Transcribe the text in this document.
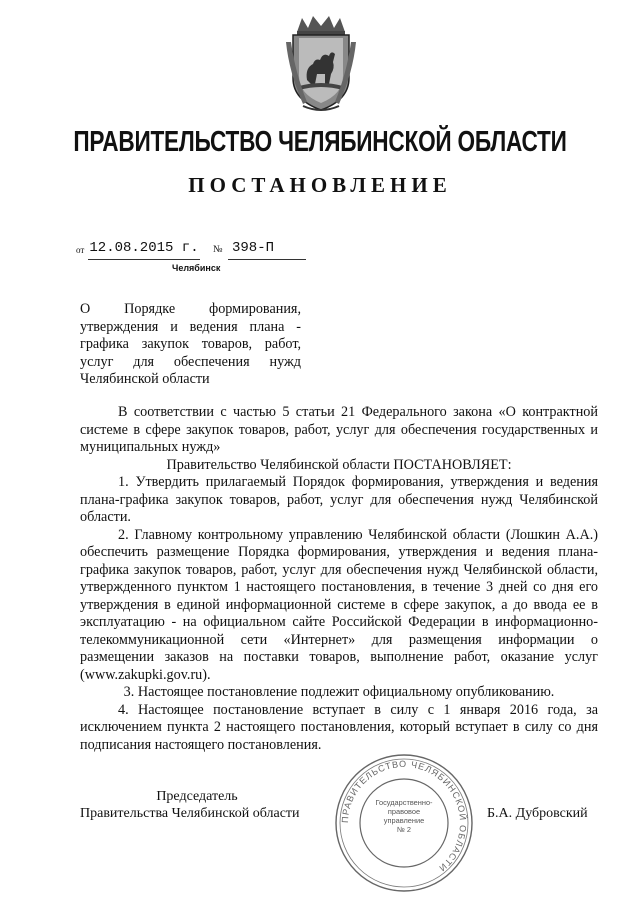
ПРАВИТЕЛЬСТВО ЧЕЛЯБИНСКОЙ ОБЛАСТИ
ПОСТАНОВЛЕНИЕ
от 12.08.2015 г. № 398-П
Челябинск
О Порядке формирования,
утверждения и ведения плана -
графика закупок товаров, работ,
услуг для обеспечения нужд
Челябинской области

В соответствии с частью 5 статьи 21 Федерального закона «О контрактной системе в сфере закупок товаров, работ, услуг для обеспечения государственных и муниципальных нужд»

Правительство Челябинской области ПОСТАНОВЛЯЕТ:

1. Утвердить прилагаемый Порядок формирования, утверждения и ведения плана-графика закупок товаров, работ, услуг для обеспечения нужд Челябинской области.

2. Главному контрольному управлению Челябинской области (Лошкин А.А.) обеспечить размещение Порядка формирования, утверждения и ведения плана-графика закупок товаров, работ, услуг для обеспечения нужд Челябинской области, утвержденного пунктом 1 настоящего постановления, в течение 3 дней со дня его утверждения в единой информационной системе в сфере закупок, а до ввода ее в эксплуатацию - на официальном сайте Российской Федерации в информационно-телекоммуникационной сети «Интернет» для размещения информации о размещении заказов на поставки товаров, выполнение работ, оказание услуг (www.zakupki.gov.ru).

3. Настоящее постановление подлежит официальному опубликованию.

4. Настоящее постановление вступает в силу с 1 января 2016 года, за исключением пункта 2 настоящего постановления, который вступает в силу со дня подписания настоящего постановления.

Председатель
Правительства Челябинской области	ПРАВИТЕЛЬСТВО ЧЕЛЯБИНСКОЙ ОБЛАСТИ
Государственно-
правовое
управление
№ 2
Б.А. Дубровский
